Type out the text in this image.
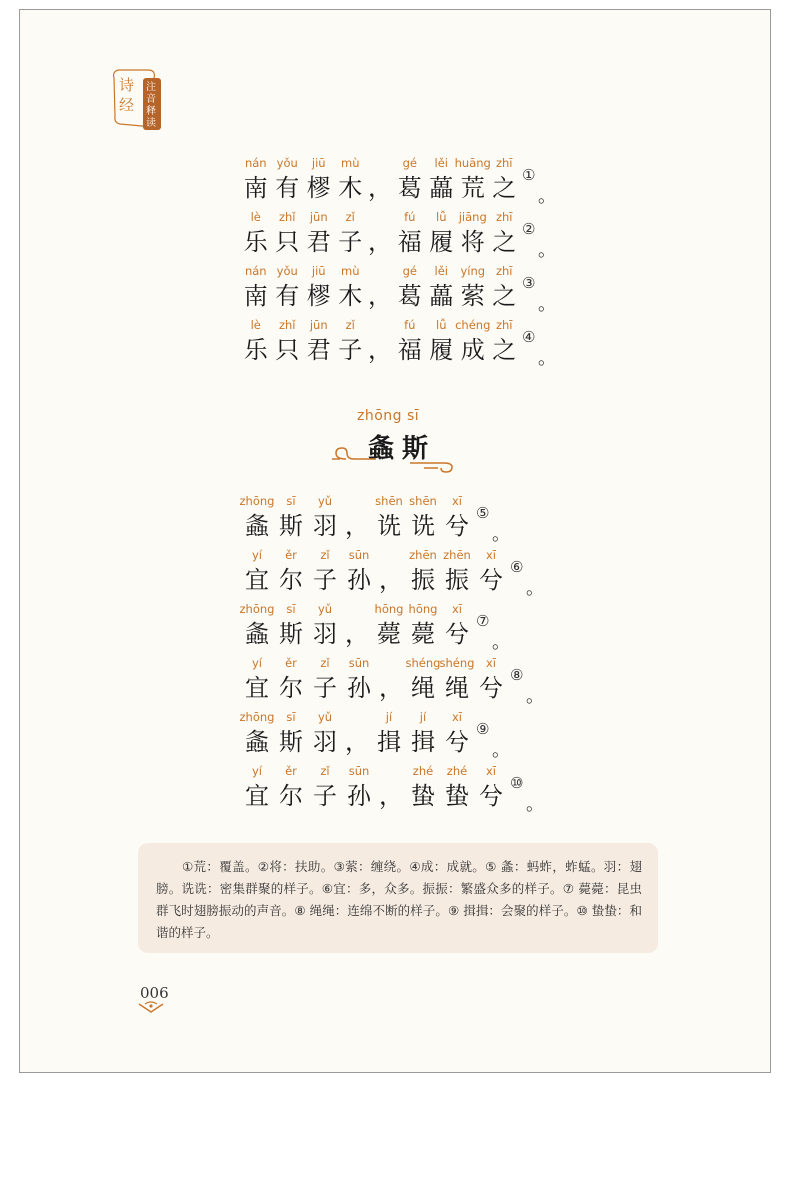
诗
经
注
音
释
读
nán
南
yǒu
有
jiū
樛
mù
木 ，
gé
葛
lěi
藟
huāng
荒
zhī
之 ①
。
lè
乐
zhǐ
只
jūn
君
zǐ
子 ，
fú
福
lǚ
履
jiāng
将
zhī
之 ②
。
nán
南
yǒu
有
jiū
樛
mù
木 ，
gé
葛
lěi
藟
yíng
萦
zhī
之 ③
。
lè
乐
zhǐ
只
jūn
君
zǐ
子 ，
fú
福
lǚ
履
chéng
成
zhī
之 ④
。
zhōng sī
螽斯
zhōng
螽
sī
斯
yǔ
羽 ，
shēn
诜
shēn
诜
xī
兮 ⑤
。
yí
宜
ěr
尔
zǐ
子
sūn
孙 ，
zhēn
振
zhēn
振
xī
兮 ⑥
。
zhōng
螽
sī
斯
yǔ
羽 ，
hōng
薨
hōng
薨
xī
兮 ⑦
。
yí
宜
ěr
尔
zǐ
子
sūn
孙 ，
shéng
绳
shéng
绳
xī
兮 ⑧
。
zhōng
螽
sī
斯
yǔ
羽 ，
jí
揖
jí
揖
xī
兮 ⑨
。
yí
宜
ěr
尔
zǐ
子
sūn
孙 ，
zhé
蛰
zhé
蛰
xī
兮 ⑩
。

①荒：覆盖。②将：扶助。③萦：缠绕。④成：成就。⑤ 螽：蚂蚱，蚱蜢。羽：翅膀。诜诜：密集群聚的样子。⑥宜：多，众多。振振：繁盛众多的样子。⑦ 薨薨：昆虫群飞时翅膀振动的声音。⑧ 绳绳：连绵不断的样子。⑨ 揖揖：会聚的样子。⑩ 蛰蛰：和谐的样子。

006
